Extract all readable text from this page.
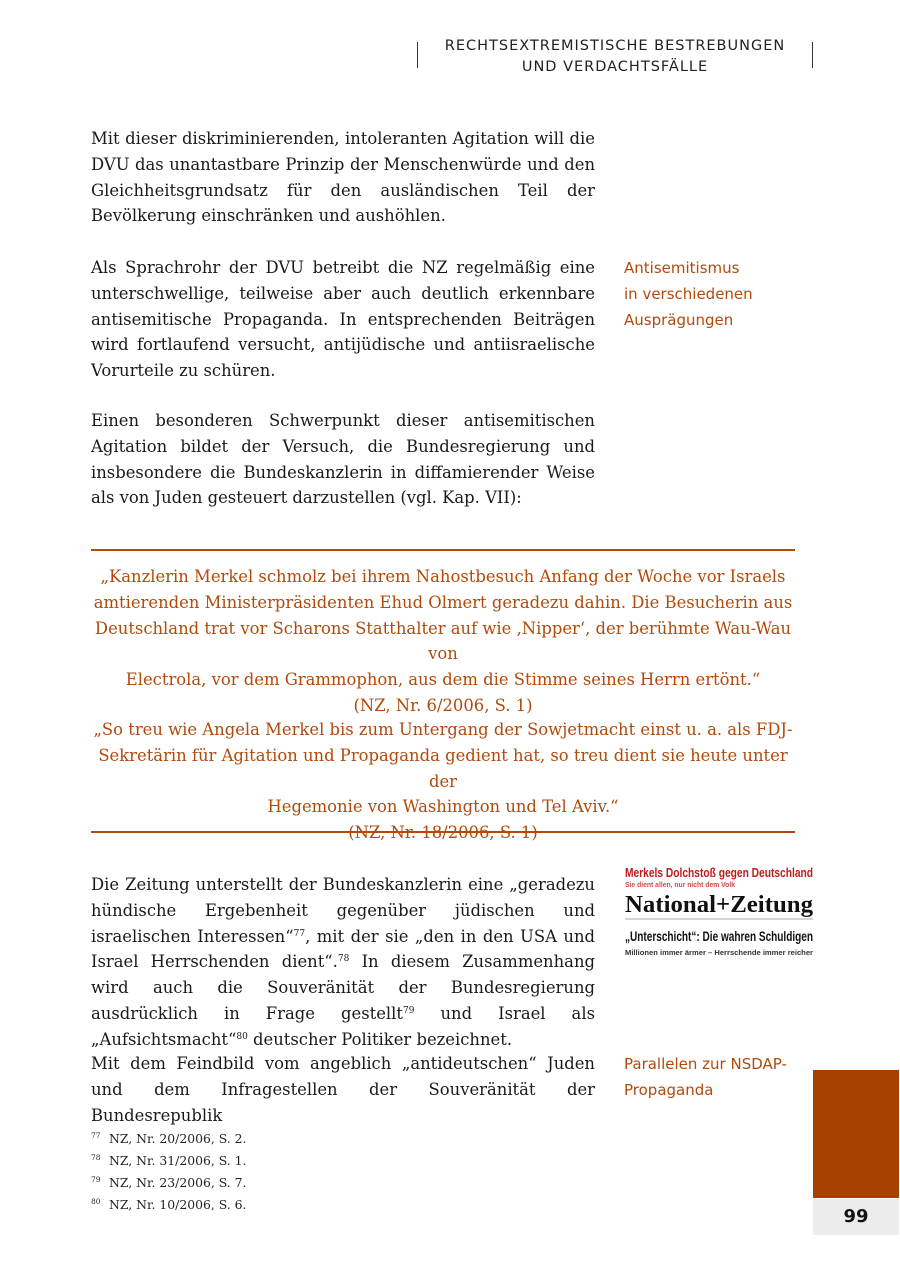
RECHTSEXTREMISTISCHE BESTREBUNGEN
UND VERDACHTSFÄLLE

Mit dieser diskriminierenden, intoleranten Agitation will die DVU das unantastbare Prinzip der Menschenwürde und den Gleichheitsgrundsatz für den ausländischen Teil der Bevölkerung einschränken und aushöhlen.

Als Sprachrohr der DVU betreibt die NZ regelmäßig eine unterschwellige, teilweise aber auch deutlich erkennbare antisemitische Propaganda. In entsprechenden Beiträgen wird fortlaufend versucht, antijüdische und antiisraelische Vorurteile zu schüren.

Einen besonderen Schwerpunkt dieser antisemitischen Agitation bildet der Versuch, die Bundesregierung und insbesondere die Bundeskanzlerin in diffamierender Weise als von Juden gesteuert darzustellen (vgl. Kap. VII):

Antisemitismus
in verschiedenen
Ausprägungen
„Kanzlerin Merkel schmolz bei ihrem Nahostbesuch Anfang der Woche vor Israels
amtierenden Ministerpräsidenten Ehud Olmert geradezu dahin. Die Besucherin aus
Deutschland trat vor Scharons Statthalter auf wie ‚Nipper‘, der berühmte Wau-Wau von
Electrola, vor dem Grammophon, aus dem die Stimme seines Herrn ertönt.“
(NZ, Nr. 6/2006, S. 1)
„So treu wie Angela Merkel bis zum Untergang der Sowjetmacht einst u. a. als FDJ-
Sekretärin für Agitation und Propaganda gedient hat, so treu dient sie heute unter der
Hegemonie von Washington und Tel Aviv.“

Die Zeitung unterstellt der Bundeskanzlerin eine „geradezu hündische Ergebenheit gegenüber jüdischen und israelischen Interessen“$^{77}$, mit der sie „den in den USA und Israel Herrschenden dient“.$^{78}$ In diesem Zusammenhang wird auch die Souveränität der Bundesregierung ausdrücklich in Frage gestellt$^{79}$ und Israel als „Aufsichtsmacht“$^{80}$ deutscher Politiker bezeichnet.

Merkels Dolchstoß gegen Deutschland
Sie dient allen, nur nicht dem Volk
National+Zeitung
„Unterschicht“: Die wahren Schuldigen
Millionen immer ärmer – Herrschende immer reicher

Mit dem Feindbild vom angeblich „antideutschen“ Juden und dem Infragestellen der Souveränität der Bundesrepublik

Parallelen zur NSDAP-
Propaganda
77 NZ, Nr. 20/2006, S. 2.
78 NZ, Nr. 31/2006, S. 1.
79 NZ, Nr. 23/2006, S. 7.
80 NZ, Nr. 10/2006, S. 6.
99
